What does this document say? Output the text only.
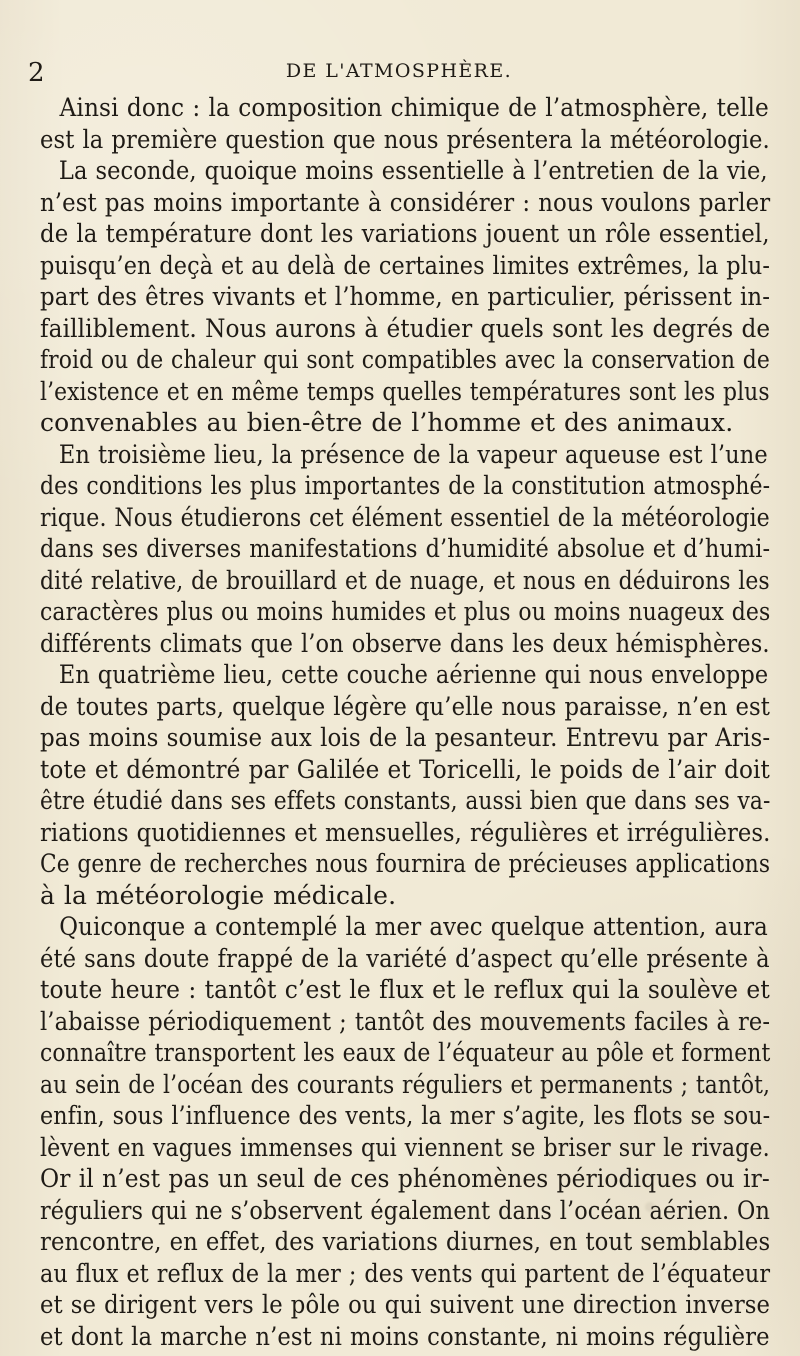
2	DE L'ATMOSPHÈRE.
Ainsi donc : la composition chimique de l’atmosphère, telle
est la première question que nous présentera la météorologie.
La seconde, quoique moins essentielle à l’entretien de la vie,
n’est pas moins importante à considérer : nous voulons parler
de la température dont les variations jouent un rôle essentiel,
puisqu’en deçà et au delà de certaines limites extrêmes, la plu-
part des êtres vivants et l’homme, en particulier, périssent in-
failliblement. Nous aurons à étudier quels sont les degrés de
froid ou de chaleur qui sont compatibles avec la conservation de
l’existence et en même temps quelles températures sont les plus
convenables au bien-être de l’homme et des animaux.
En troisième lieu, la présence de la vapeur aqueuse est l’une
des conditions les plus importantes de la constitution atmosphé-
rique. Nous étudierons cet élément essentiel de la météorologie
dans ses diverses manifestations d’humidité absolue et d’humi-
dité relative, de brouillard et de nuage, et nous en déduirons les
caractères plus ou moins humides et plus ou moins nuageux des
différents climats que l’on observe dans les deux hémisphères.
En quatrième lieu, cette couche aérienne qui nous enveloppe
de toutes parts, quelque légère qu’elle nous paraisse, n’en est
pas moins soumise aux lois de la pesanteur. Entrevu par Aris-
tote et démontré par Galilée et Toricelli, le poids de l’air doit
être étudié dans ses effets constants, aussi bien que dans ses va-
riations quotidiennes et mensuelles, régulières et irrégulières.
Ce genre de recherches nous fournira de précieuses applications
à la météorologie médicale.
Quiconque a contemplé la mer avec quelque attention, aura
été sans doute frappé de la variété d’aspect qu’elle présente à
toute heure : tantôt c’est le flux et le reflux qui la soulève et
l’abaisse périodiquement ; tantôt des mouvements faciles à re-
connaître transportent les eaux de l’équateur au pôle et forment
au sein de l’océan des courants réguliers et permanents ; tantôt,
enfin, sous l’influence des vents, la mer s’agite, les flots se sou-
lèvent en vagues immenses qui viennent se briser sur le rivage.
Or il n’est pas un seul de ces phénomènes périodiques ou ir-
réguliers qui ne s’observent également dans l’océan aérien. On
rencontre, en effet, des variations diurnes, en tout semblables
au flux et reflux de la mer ; des vents qui partent de l’équateur
et se dirigent vers le pôle ou qui suivent une direction inverse
et dont la marche n’est ni moins constante, ni moins régulière
